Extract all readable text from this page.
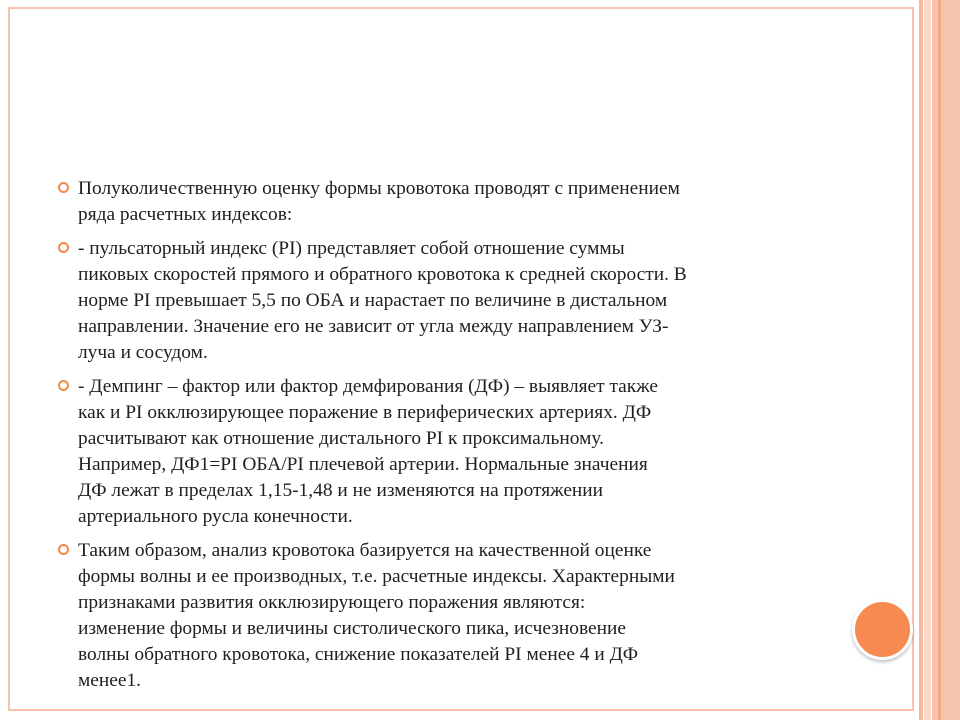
Полуколичественную оценку формы кровотока проводят с применением
ряда расчетных индексов:

- пульсаторный индекс (PI) представляет собой отношение суммы
пиковых скоростей прямого и обратного кровотока к средней скорости. В
норме PI превышает 5,5 по ОБА и нарастает по величине в дистальном
направлении. Значение его не зависит от угла между направлением УЗ-
луча и сосудом.

- Демпинг – фактор или фактор демфирования (ДФ) – выявляет также
как и PI окклюзирующее поражение в периферических артериях. ДФ
расчитывают как отношение дистального PI к проксимальному.
Например, ДФ1=PI ОБА/PI плечевой артерии. Нормальные значения
ДФ лежат в пределах 1,15-1,48 и не изменяются на протяжении
артериального русла конечности.

Таким образом, анализ кровотока базируется на качественной оценке
формы волны и ее производных, т.е. расчетные индексы. Характерными
признаками развития окклюзирующего поражения являются:
изменение формы и величины систолического пика, исчезновение
волны обратного кровотока, снижение показателей PI менее 4 и ДФ
менее1.
